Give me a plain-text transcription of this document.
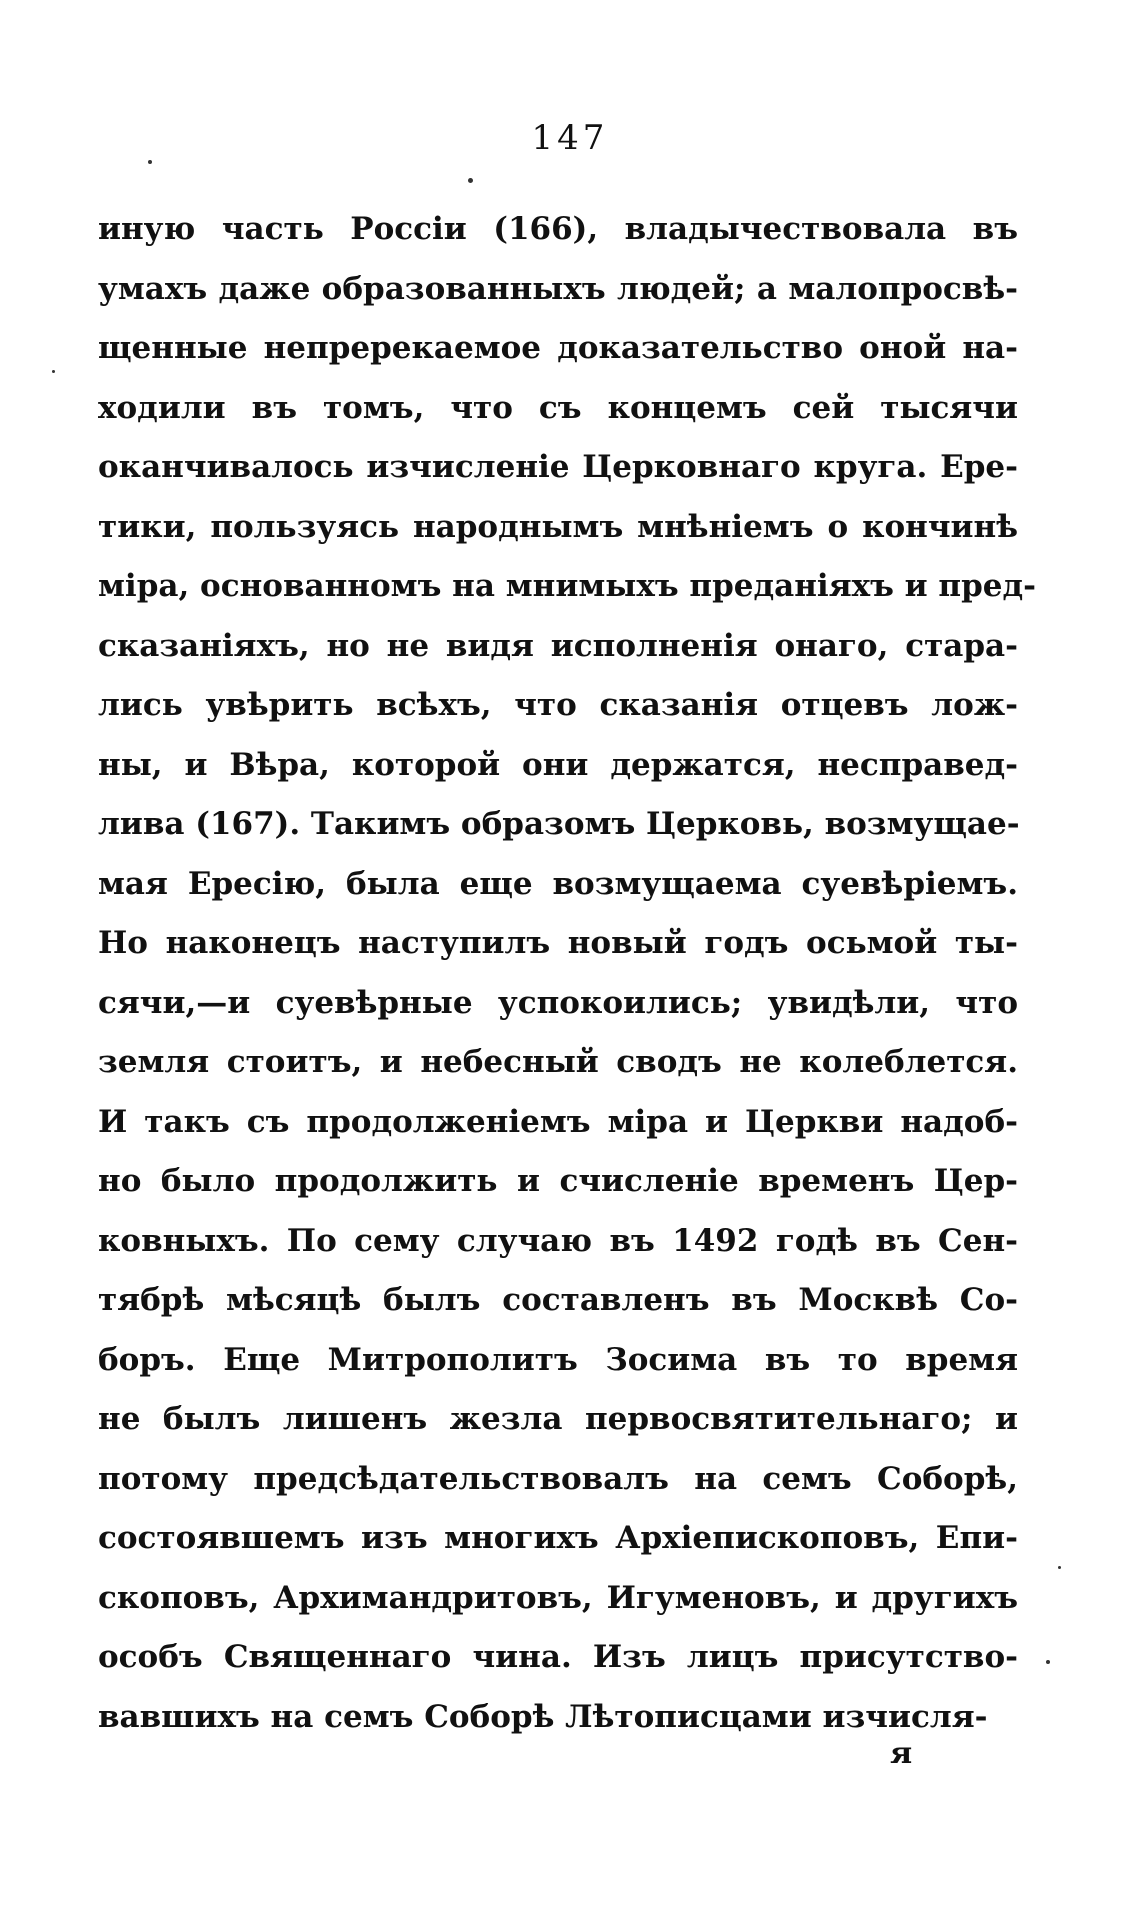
147
иную часть Россіи (166), владычествовала въ
умахъ даже образованныхъ людей; а малопросвѣ-
щенные непререкаемое доказательство оной на-
ходили въ томъ, что съ концемъ сей тысячи
оканчивалось изчисленіе Церковнаго круга. Ере-
тики, пользуясь народнымъ мнѣніемъ о кончинѣ
міра, основанномъ на мнимыхъ преданіяхъ и пред-
сказаніяхъ, но не видя исполненія онаго, стара-
лись увѣрить всѣхъ, что сказанія отцевъ лож-
ны, и Вѣра, которой они держатся, несправед-
лива (167). Такимъ образомъ Церковь, возмущае-
мая Ересію, была еще возмущаема суевѣріемъ.
Но наконецъ наступилъ новый годъ осьмой ты-
сячи,—и суевѣрные успокоились; увидѣли, что
земля стоитъ, и небесный сводъ не колеблется.
И такъ съ продолженіемъ міра и Церкви надоб-
но было продолжить и счисленіе временъ Цер-
ковныхъ. По сему случаю въ 1492 годѣ въ Сен-
тябрѣ мѣсяцѣ былъ составленъ въ Москвѣ Со-
боръ. Еще Митрополитъ Зосима въ то время
не былъ лишенъ жезла первосвятительнаго; и
потому предсѣдательствовалъ на семъ Соборѣ,
состоявшемъ изъ многихъ Архіепископовъ, Епи-
скоповъ, Архимандритовъ, Игуменовъ, и другихъ
особъ Священнаго чина. Изъ лицъ присутство-
вавшихъ на семъ Соборѣ Лѣтописцами изчисля-
я
